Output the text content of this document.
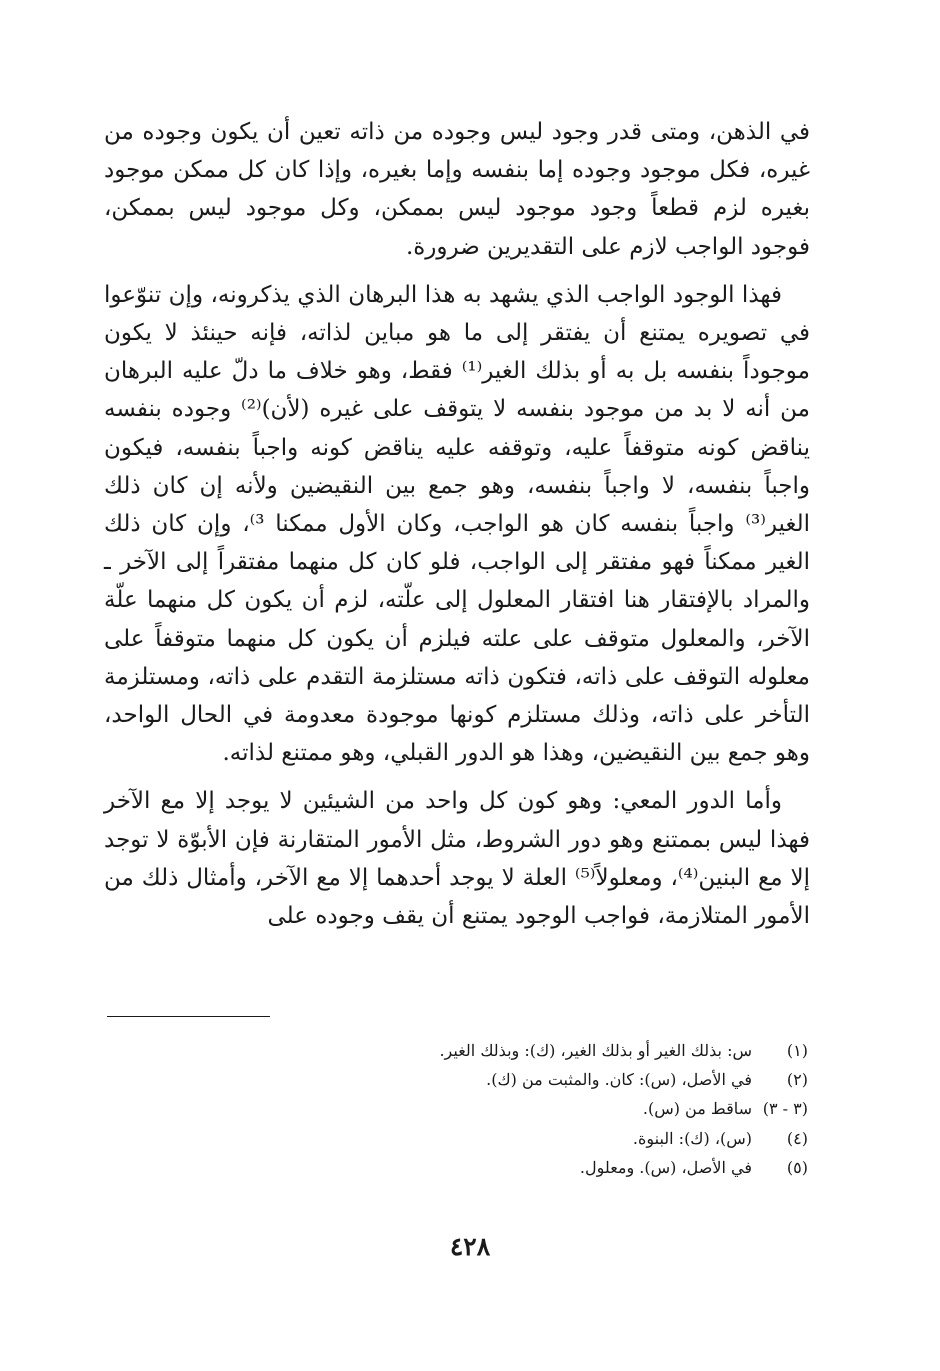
في الذهن، ومتى قدر وجود ليس وجوده من ذاته تعين أن يكون وجوده من غيره، فكل موجود وجوده إما بنفسه وإما بغيره، وإذا كان كل ممكن موجود بغيره لزم قطعاً وجود موجود ليس بممكن، وكل موجود ليس بممكن، فوجود الواجب لازم على التقديرين ضرورة.

فهذا الوجود الواجب الذي يشهد به هذا البرهان الذي يذكرونه، وإن تنوّعوا في تصويره يمتنع أن يفتقر إلى ما هو مباين لذاته، فإنه حينئذ لا يكون موجوداً بنفسه بل به أو بذلك الغير⁽¹⁾ فقط، وهو خلاف ما دلّ عليه البرهان من أنه لا بد من موجود بنفسه لا يتوقف على غيره (لأن)⁽²⁾ وجوده بنفسه يناقض كونه متوقفاً عليه، وتوقفه عليه يناقض كونه واجباً بنفسه، فيكون واجباً بنفسه، لا واجباً بنفسه، وهو جمع بين النقيضين ولأنه إن كان ذلك الغير⁽³⁾ واجباً بنفسه كان هو الواجب، وكان الأول ممكنا ³⁾، وإن كان ذلك الغير ممكناً فهو مفتقر إلى الواجب، فلو كان كل منهما مفتقراً إلى الآخر ـ والمراد بالإفتقار هنا افتقار المعلول إلى علّته، لزم أن يكون كل منهما علّة الآخر، والمعلول متوقف على علته فيلزم أن يكون كل منهما متوقفاً على معلوله التوقف على ذاته، فتكون ذاته مستلزمة التقدم على ذاته، ومستلزمة التأخر على ذاته، وذلك مستلزم كونها موجودة معدومة في الحال الواحد، وهو جمع بين النقيضين، وهذا هو الدور القبلي، وهو ممتنع لذاته.

وأما الدور المعي: وهو كون كل واحد من الشيئين لا يوجد إلا مع الآخر فهذا ليس بممتنع وهو دور الشروط، مثل الأمور المتقارنة فإن الأبوّة لا توجد إلا مع البنين⁽⁴⁾، ومعلولاً⁽⁵⁾ العلة لا يوجد أحدهما إلا مع الآخر، وأمثال ذلك من الأمور المتلازمة، فواجب الوجود يمتنع أن يقف وجوده على

(١)
س: بذلك الغير أو بذلك الغير، (ك): وبذلك الغير.
(٢)
في الأصل، (س): كان. والمثبت من (ك).
(٣ - ٣)
ساقط من (س).
(٤)
(س)، (ك): البنوة.
(٥)
في الأصل، (س). ومعلول.
٤٢٨
